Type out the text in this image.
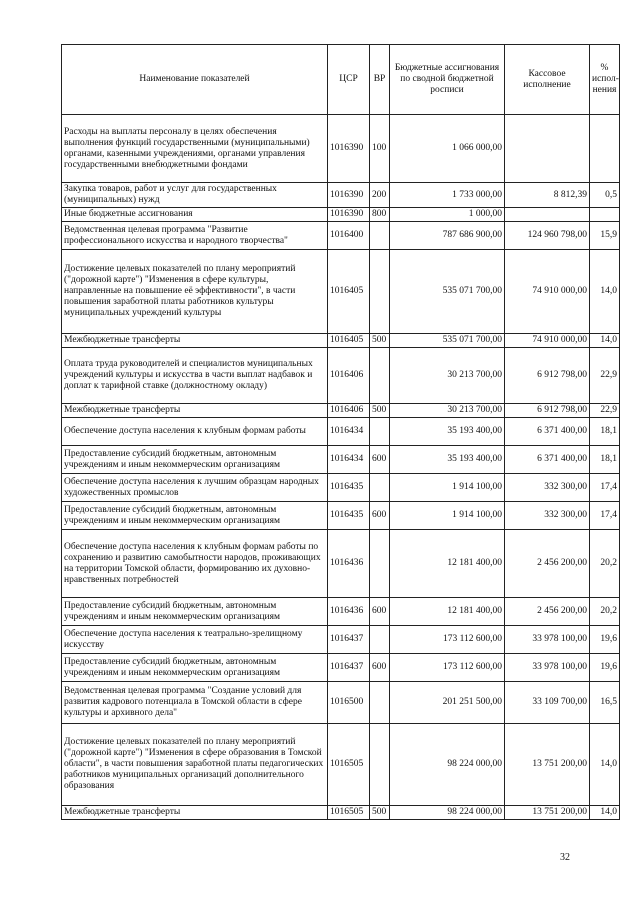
Наименование показателей	ЦСР	ВР	Бюджетные ассигнования по сводной бюджетной росписи	Кассовое исполнение	% испол-нения
Расходы на выплаты персоналу в целях обеспечения выполнения функций государственными (муниципальными) органами, казенными учреждениями, органами управления государственными внебюджетными фондами	1016390	100	1 066 000,00		
Закупка товаров, работ и услуг для государственных (муниципальных) нужд	1016390	200	1 733 000,00	8 812,39	0,5
Иные бюджетные ассигнования	1016390	800	1 000,00		
Ведомственная целевая программа "Развитие профессионального искусства и народного творчества"	1016400		787 686 900,00	124 960 798,00	15,9
Достижение целевых показателей по плану мероприятий ("дорожной карте") "Изменения в сфере культуры, направленные на повышение её эффективности", в части повышения заработной платы работников культуры муниципальных учреждений культуры	1016405		535 071 700,00	74 910 000,00	14,0
Межбюджетные трансферты	1016405	500	535 071 700,00	74 910 000,00	14,0
Оплата труда руководителей и специалистов муниципальных учреждений культуры и искусства в части выплат надбавок и доплат к тарифной ставке (должностному окладу)	1016406		30 213 700,00	6 912 798,00	22,9
Межбюджетные трансферты	1016406	500	30 213 700,00	6 912 798,00	22,9
Обеспечение доступа населения к клубным формам работы	1016434		35 193 400,00	6 371 400,00	18,1
Предоставление субсидий бюджетным, автономным учреждениям и иным некоммерческим организациям	1016434	600	35 193 400,00	6 371 400,00	18,1
Обеспечение доступа населения к лучшим образцам народных художественных промыслов	1016435		1 914 100,00	332 300,00	17,4
Предоставление субсидий бюджетным, автономным учреждениям и иным некоммерческим организациям	1016435	600	1 914 100,00	332 300,00	17,4
Обеспечение доступа населения к клубным формам работы по сохранению и развитию самобытности народов, проживающих на территории Томской области, формированию их духовно-нравственных потребностей	1016436		12 181 400,00	2 456 200,00	20,2
Предоставление субсидий бюджетным, автономным учреждениям и иным некоммерческим организациям	1016436	600	12 181 400,00	2 456 200,00	20,2
Обеспечение доступа населения к театрально-зрелищному искусству	1016437		173 112 600,00	33 978 100,00	19,6
Предоставление субсидий бюджетным, автономным учреждениям и иным некоммерческим организациям	1016437	600	173 112 600,00	33 978 100,00	19,6
Ведомственная целевая программа "Создание условий для развития кадрового потенциала в Томской области в сфере культуры и архивного дела"	1016500		201 251 500,00	33 109 700,00	16,5
Достижение целевых показателей по плану мероприятий ("дорожной карте") "Изменения в сфере образования в Томской области", в части повышения заработной платы педагогических работников муниципальных организаций дополнительного образования	1016505		98 224 000,00	13 751 200,00	14,0
Межбюджетные трансферты	1016505	500	98 224 000,00	13 751 200,00	14,0
32
